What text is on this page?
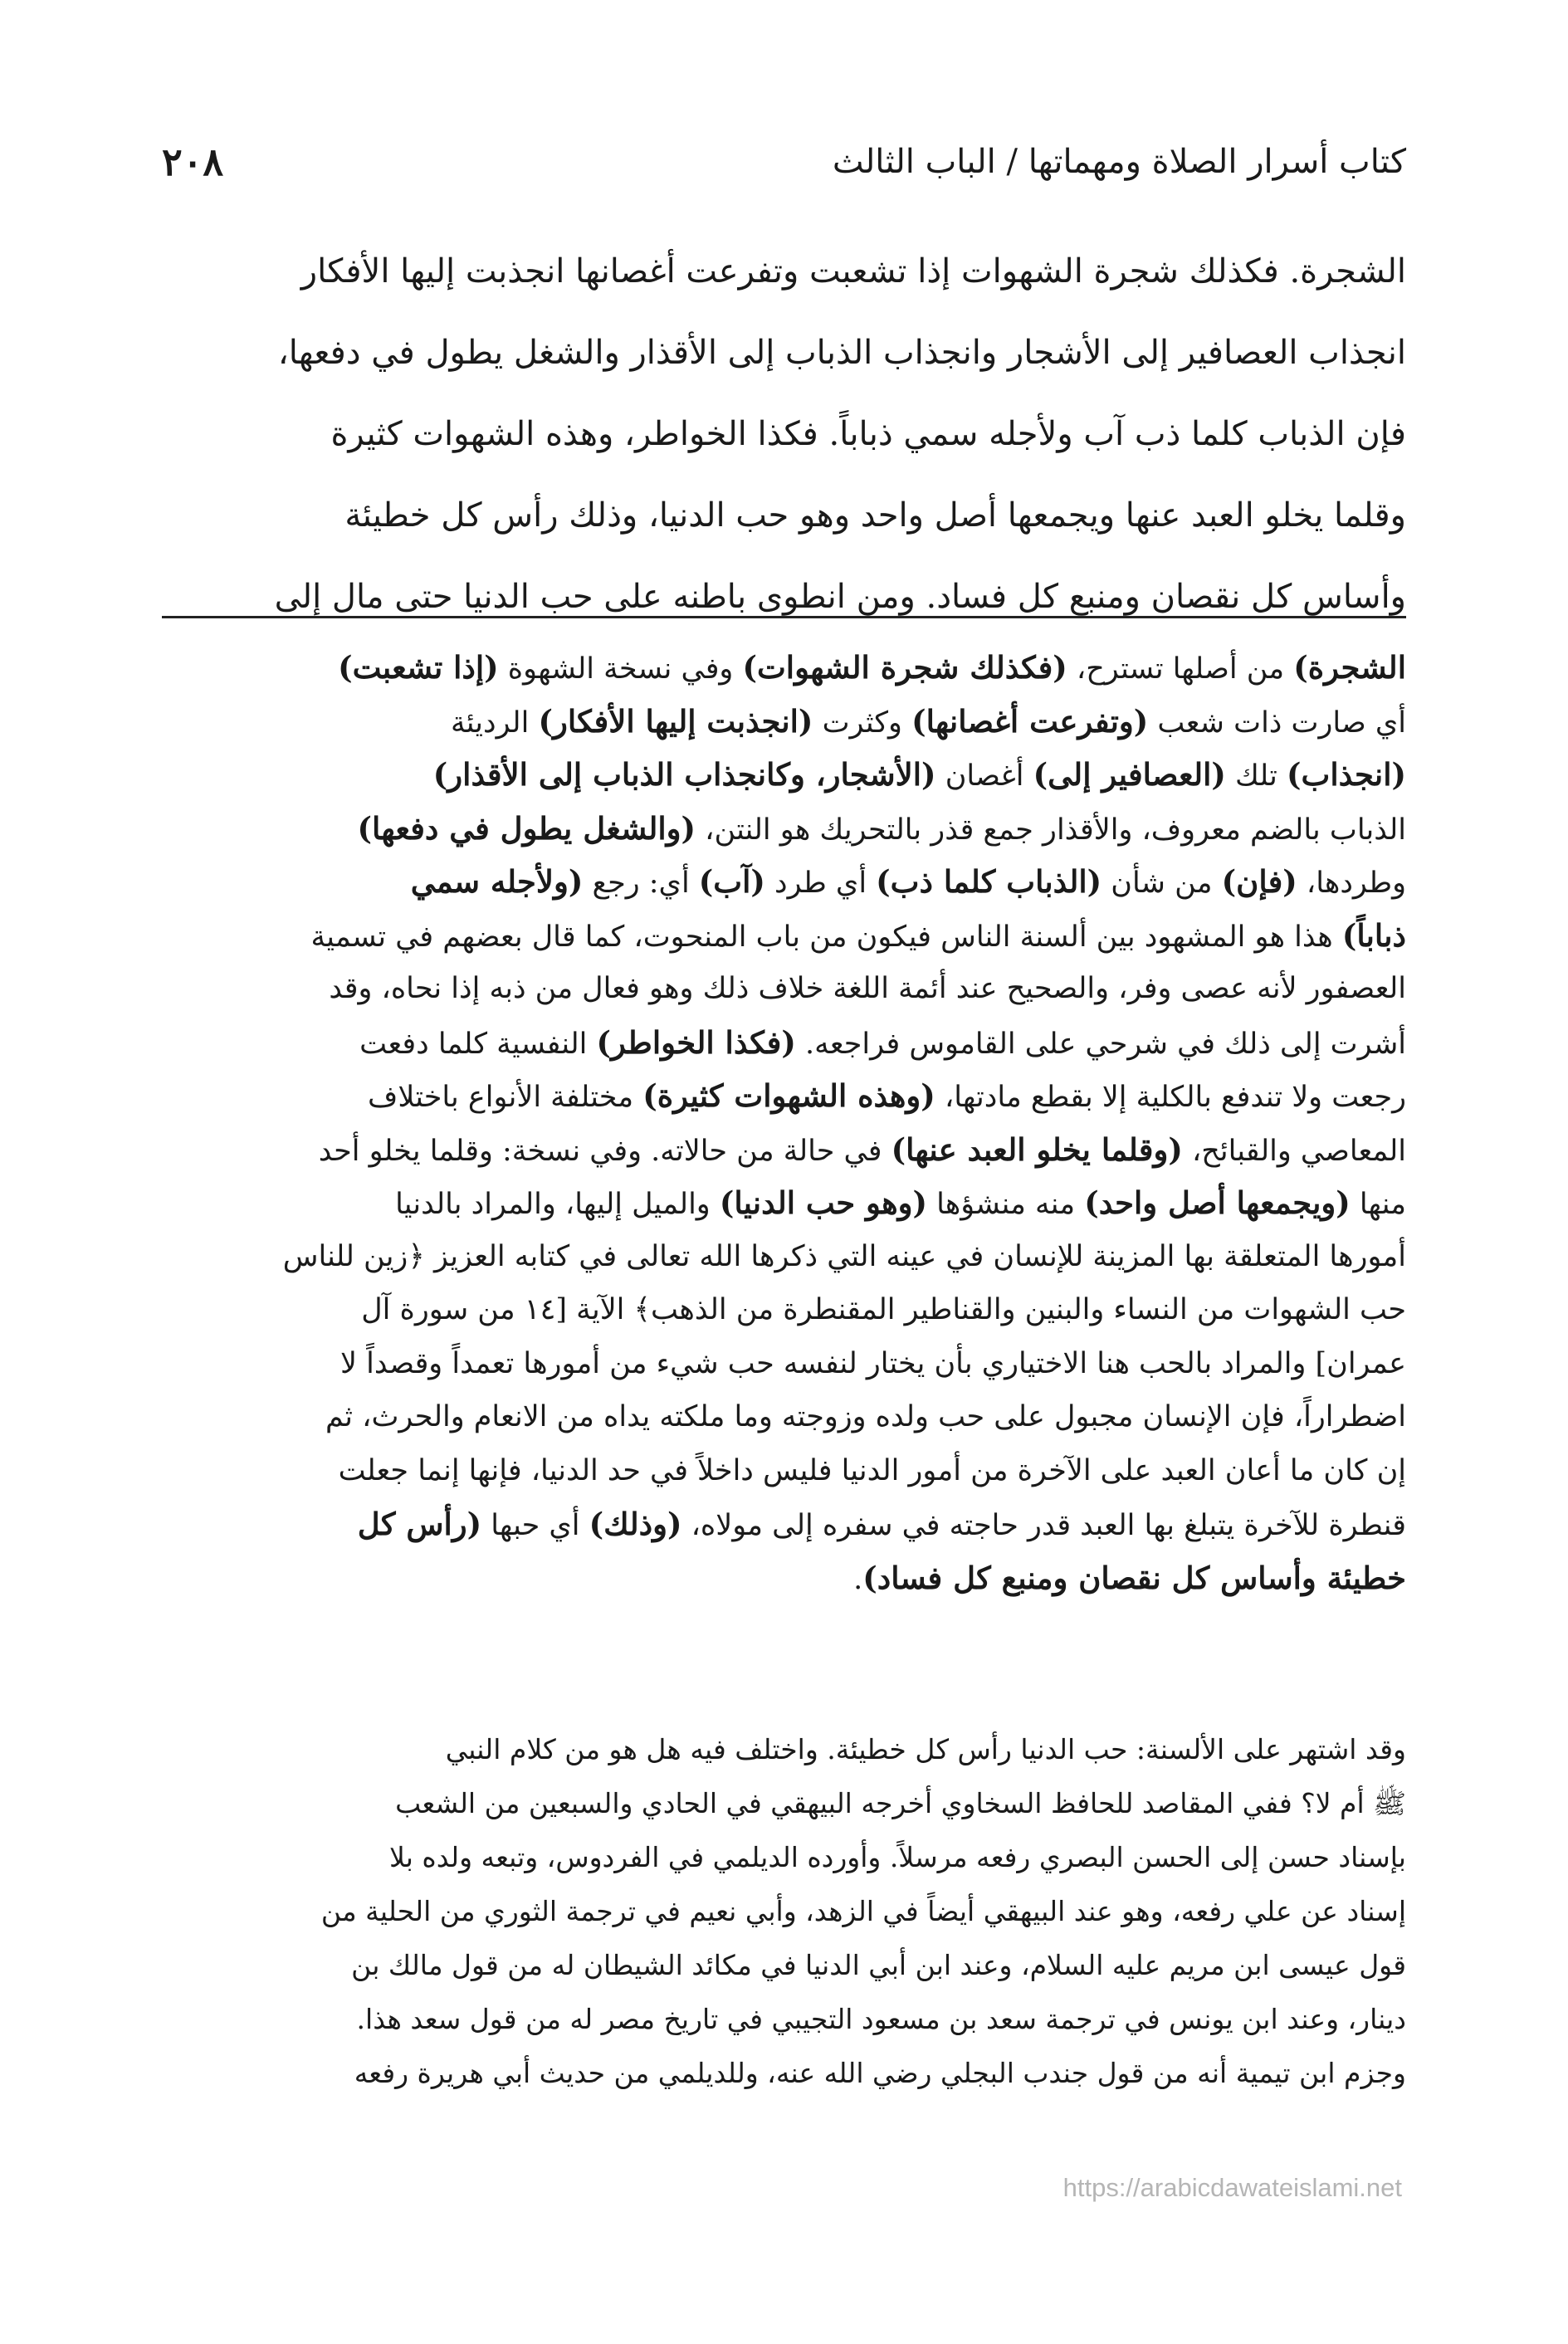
كتاب أسرار الصلاة ومهماتها / الباب الثالث
٢٠٨
الشجرة. فكذلك شجرة الشهوات إذا تشعبت وتفرعت أغصانها انجذبت إليها الأفكار
انجذاب العصافير إلى الأشجار وانجذاب الذباب إلى الأقذار والشغل يطول في دفعها،
فإن الذباب كلما ذب آب ولأجله سمي ذباباً. فكذا الخواطر، وهذه الشهوات كثيرة
وقلما يخلو العبد عنها ويجمعها أصل واحد وهو حب الدنيا، وذلك رأس كل خطيئة
وأساس كل نقصان ومنبع كل فساد. ومن انطوى باطنه على حب الدنيا حتى مال إلى
الشجرة) من أصلها تسترح، (فكذلك شجرة الشهوات) وفي نسخة الشهوة (إذا تشعبت)
أي صارت ذات شعب (وتفرعت أغصانها) وكثرت (انجذبت إليها الأفكار) الرديئة
(انجذاب) تلك (العصافير إلى) أغصان (الأشجار، وكانجذاب الذباب إلى الأقذار)
الذباب بالضم معروف، والأقذار جمع قذر بالتحريك هو النتن، (والشغل يطول في دفعها)
وطردها، (فإن) من شأن (الذباب كلما ذب) أي طرد (آب) أي: رجع (ولأجله سمي
ذباباً) هذا هو المشهود بين ألسنة الناس فيكون من باب المنحوت، كما قال بعضهم في تسمية
العصفور لأنه عصى وفر، والصحيح عند أئمة اللغة خلاف ذلك وهو فعال من ذبه إذا نحاه، وقد
أشرت إلى ذلك في شرحي على القاموس فراجعه. (فكذا الخواطر) النفسية كلما دفعت
رجعت ولا تندفع بالكلية إلا بقطع مادتها، (وهذه الشهوات كثيرة) مختلفة الأنواع باختلاف
المعاصي والقبائح، (وقلما يخلو العبد عنها) في حالة من حالاته. وفي نسخة: وقلما يخلو أحد
منها (ويجمعها أصل واحد) منه منشؤها (وهو حب الدنيا) والميل إليها، والمراد بالدنيا
أمورها المتعلقة بها المزينة للإنسان في عينه التي ذكرها الله تعالى في كتابه العزيز ﴿زين للناس
حب الشهوات من النساء والبنين والقناطير المقنطرة من الذهب﴾ الآية [١٤ من سورة آل
عمران] والمراد بالحب هنا الاختياري بأن يختار لنفسه حب شيء من أمورها تعمداً وقصداً لا
اضطراراً، فإن الإنسان مجبول على حب ولده وزوجته وما ملكته يداه من الانعام والحرث، ثم
إن كان ما أعان العبد على الآخرة من أمور الدنيا فليس داخلاً في حد الدنيا، فإنها إنما جعلت
قنطرة للآخرة يتبلغ بها العبد قدر حاجته في سفره إلى مولاه، (وذلك) أي حبها (رأس كل
خطيئة وأساس كل نقصان ومنبع كل فساد).
وقد اشتهر على الألسنة: حب الدنيا رأس كل خطيئة. واختلف فيه هل هو من كلام النبي
ﷺ أم لا؟ ففي المقاصد للحافظ السخاوي أخرجه البيهقي في الحادي والسبعين من الشعب
بإسناد حسن إلى الحسن البصري رفعه مرسلاً. وأورده الديلمي في الفردوس، وتبعه ولده بلا
إسناد عن علي رفعه، وهو عند البيهقي أيضاً في الزهد، وأبي نعيم في ترجمة الثوري من الحلية من
قول عيسى ابن مريم عليه السلام، وعند ابن أبي الدنيا في مكائد الشيطان له من قول مالك بن
دينار، وعند ابن يونس في ترجمة سعد بن مسعود التجيبي في تاريخ مصر له من قول سعد هذا.
وجزم ابن تيمية أنه من قول جندب البجلي رضي الله عنه، وللديلمي من حديث أبي هريرة رفعه
https://arabicdawateislami.net
